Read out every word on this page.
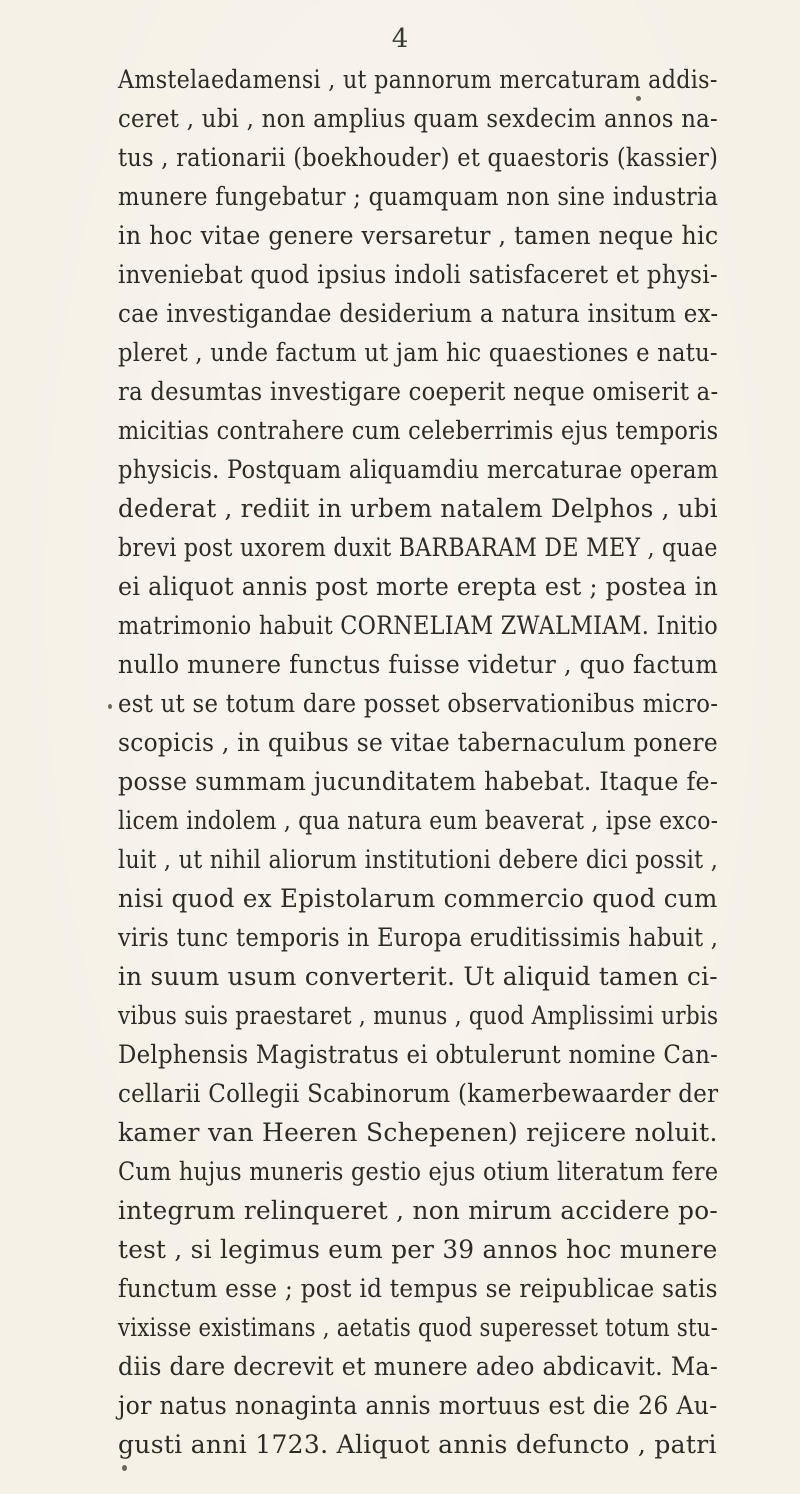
4
Amstelaedamensi , ut pannorum mercaturam addis-
ceret , ubi , non amplius quam sexdecim annos na-
tus , rationarii (boekhouder) et quaestoris (kassier)
munere fungebatur ; quamquam non sine industria
in hoc vitae genere versaretur , tamen neque hic
inveniebat quod ipsius indoli satisfaceret et physi-
cae investigandae desiderium a natura insitum ex-
pleret , unde factum ut jam hic quaestiones e natu-
ra desumtas investigare coeperit neque omiserit a-
micitias contrahere cum celeberrimis ejus temporis
physicis. Postquam aliquamdiu mercaturae operam
dederat , rediit in urbem natalem Delphos , ubi
brevi post uxorem duxit BARBARAM DE MEY , quae
ei aliquot annis post morte erepta est ; postea in
matrimonio habuit CORNELIAM ZWALMIAM. Initio
nullo munere functus fuisse videtur , quo factum
est ut se totum dare posset observationibus micro-
scopicis , in quibus se vitae tabernaculum ponere
posse summam jucunditatem habebat. Itaque fe-
licem indolem , qua natura eum beaverat , ipse exco-
luit , ut nihil aliorum institutioni debere dici possit ,
nisi quod ex Epistolarum commercio quod cum
viris tunc temporis in Europa eruditissimis habuit ,
in suum usum converterit. Ut aliquid tamen ci-
vibus suis praestaret , munus , quod Amplissimi urbis
Delphensis Magistratus ei obtulerunt nomine Can-
cellarii Collegii Scabinorum (kamerbewaarder der
kamer van Heeren Schepenen) rejicere noluit.
Cum hujus muneris gestio ejus otium literatum fere
integrum relinqueret , non mirum accidere po-
test , si legimus eum per 39 annos hoc munere
functum esse ; post id tempus se reipublicae satis
vixisse existimans , aetatis quod superesset totum stu-
diis dare decrevit et munere adeo abdicavit. Ma-
jor natus nonaginta annis mortuus est die 26 Au-
gusti anni 1723. Aliquot annis defuncto , patri
